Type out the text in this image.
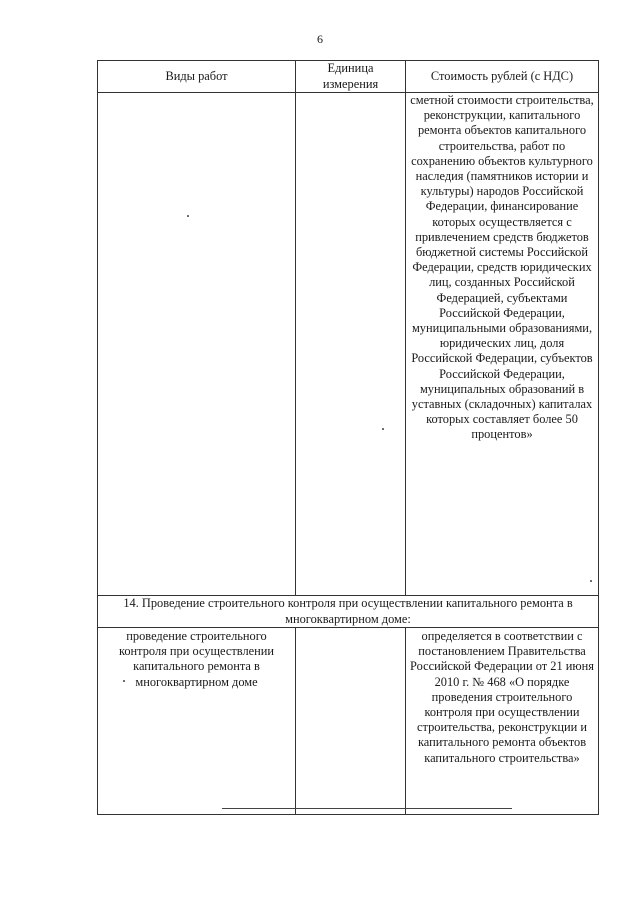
6
Виды работ	Единица измерения	Стоимость рублей (с НДС)
		сметной стоимости строительства, реконструкции, капитального ремонта объектов капитального строительства, работ по сохранению объектов культурного наследия (памятников истории и культуры) народов Российской Федерации, финансирование которых осуществляется с привлечением средств бюджетов бюджетной системы Российской Федерации, средств юридических лиц, созданных Российской Федерацией, субъектами Российской Федерации, муниципальными образованиями, юридических лиц, доля Российской Федерации, субъектов Российской Федерации, муниципальных образований в уставных (складочных) капиталах которых составляет более 50 процентов»
14. Проведение строительного контроля при осуществлении капитального ремонта в многоквартирном доме:		
проведение строительного контроля при осуществлении капитального ремонта в многоквартирном доме		определяется в соответствии с постановлением Правительства Российской Федерации от 21 июня 2010 г. № 468 «О порядке проведения строительного контроля при осуществлении строительства, реконструкции и капитального ремонта объектов капитального строительства»
